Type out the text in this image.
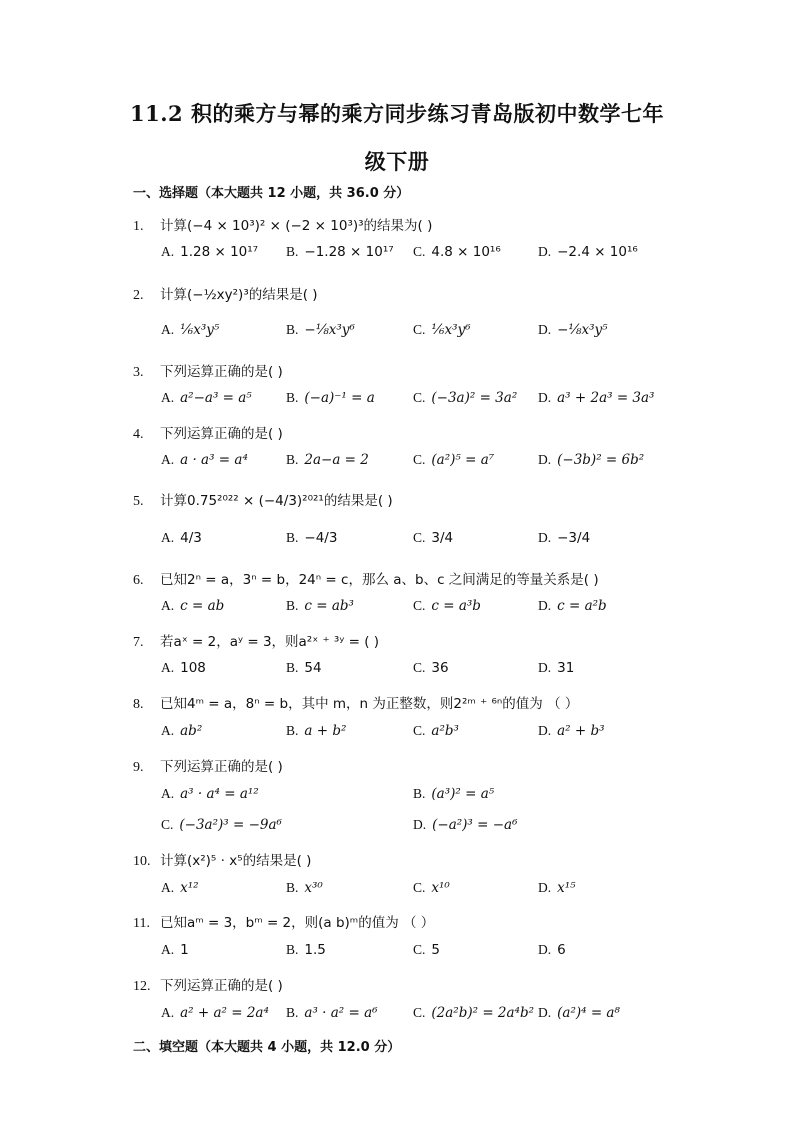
11.2 积的乘方与幂的乘方同步练习青岛版初中数学七年
级下册
一、选择题（本大题共 12 小题，共 36.0 分）
1. 计算(−4 × 10³)² × (−2 × 10³)³的结果为( )
A. 1.28 × 10¹⁷ B. −1.28 × 10¹⁷ C. 4.8 × 10¹⁶	D. −2.4 × 10¹⁶
2. 计算(−½xy²)³的结果是( )
A. ⅙x³y⁵	B. −⅛x³y⁶	C. ⅙x³y⁶	D. −⅛x³y⁵
3. 下列运算正确的是( )
A. a²−a³ = a⁵	B. (−a)⁻¹ = a	C. (−3a)² = 3a² D. a³ + 2a³ = 3a³
4. 下列运算正确的是( )
A. a · a³ = a⁴	B. 2a−a = 2	C. (a²)⁵ = a⁷	D. (−3b)² = 6b²
5. 计算0.75²⁰²² × (−4/3)²⁰²¹的结果是( )
A. 4/3	B. −4/3	C. 3/4	D. −3/4
6. 已知2ⁿ = a，3ⁿ = b，24ⁿ = c，那么 a、b、c 之间满足的等量关系是( )
A. c = ab	B. c = ab³	C. c = a³b	D. c = a²b
7. 若aˣ = 2，aʸ = 3，则a²ˣ ⁺ ³ʸ = ( )
A. 108	B. 54	C. 36	D. 31
8. 已知4ᵐ = a，8ⁿ = b，其中 m，n 为正整数，则2²ᵐ ⁺ ⁶ⁿ的值为 （ ）
A. ab²	B. a + b²	C. a²b³	D. a² + b³
9. 下列运算正确的是( )
A. a³ · a⁴ = a¹²	B. (a³)² = a⁵
C. (−3a²)³ = −9a⁶	D. (−a²)³ = −a⁶
10. 计算(x²)⁵ · x⁵的结果是( )
A. x¹²	B. x³⁰	C. x¹⁰	D. x¹⁵
11. 已知aᵐ = 3，bᵐ = 2，则(a b)ᵐ的值为 （ ）
A. 1	B. 1.5	C. 5	D. 6
12. 下列运算正确的是( )
A. a² + a² = 2a⁴ B. a³ · a² = a⁶	C. (2a²b)² = 2a⁴b² D. (a²)⁴ = a⁸
二、填空题（本大题共 4 小题，共 12.0 分）
